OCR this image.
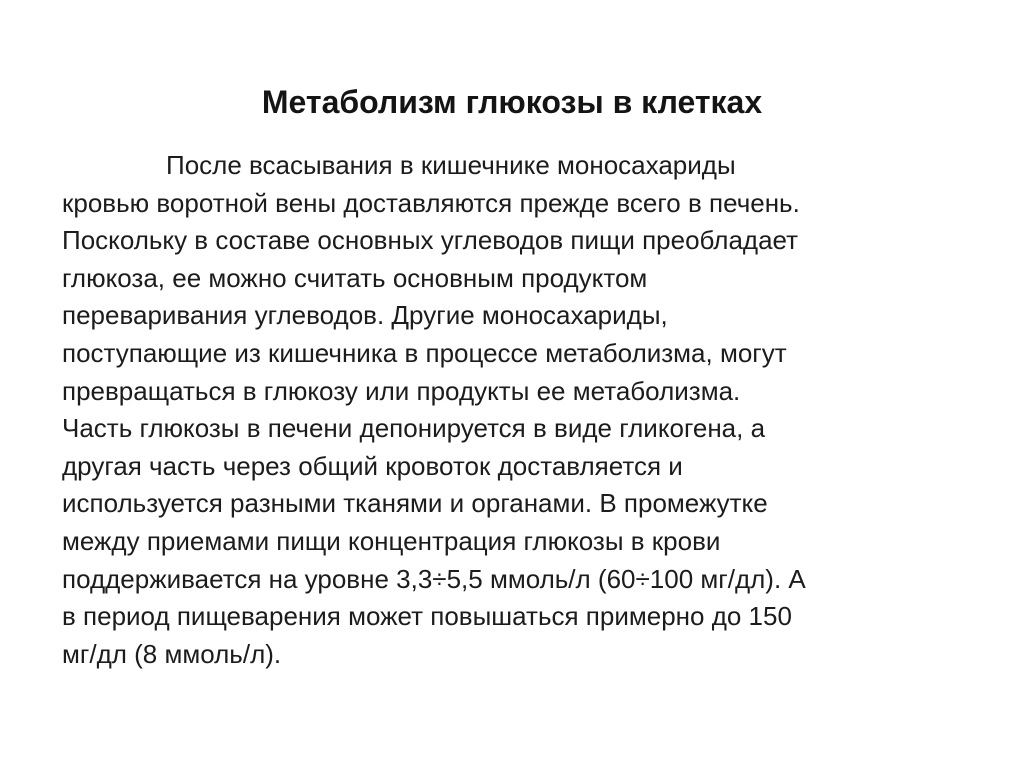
Метаболизм глюкозы в клетках
После всасывания в кишечнике моносахариды
кровью воротной вены доставляются прежде всего в печень.
Поскольку в составе основных углеводов пищи преобладает
глюкоза, ее можно считать основным продуктом
переваривания углеводов. Другие моносахариды,
поступающие из кишечника в процессе метаболизма, могут
превращаться в глюкозу или продукты ее метаболизма.
Часть глюкозы в печени депонируется в виде гликогена, а
другая часть через общий кровоток доставляется и
используется разными тканями и органами. В промежутке
между приемами пищи концентрация глюкозы в крови
поддерживается на уровне 3,3÷5,5 ммоль/л (60÷100 мг/дл). А
в период пищеварения может повышаться примерно до 150
мг/дл (8 ммоль/л).
